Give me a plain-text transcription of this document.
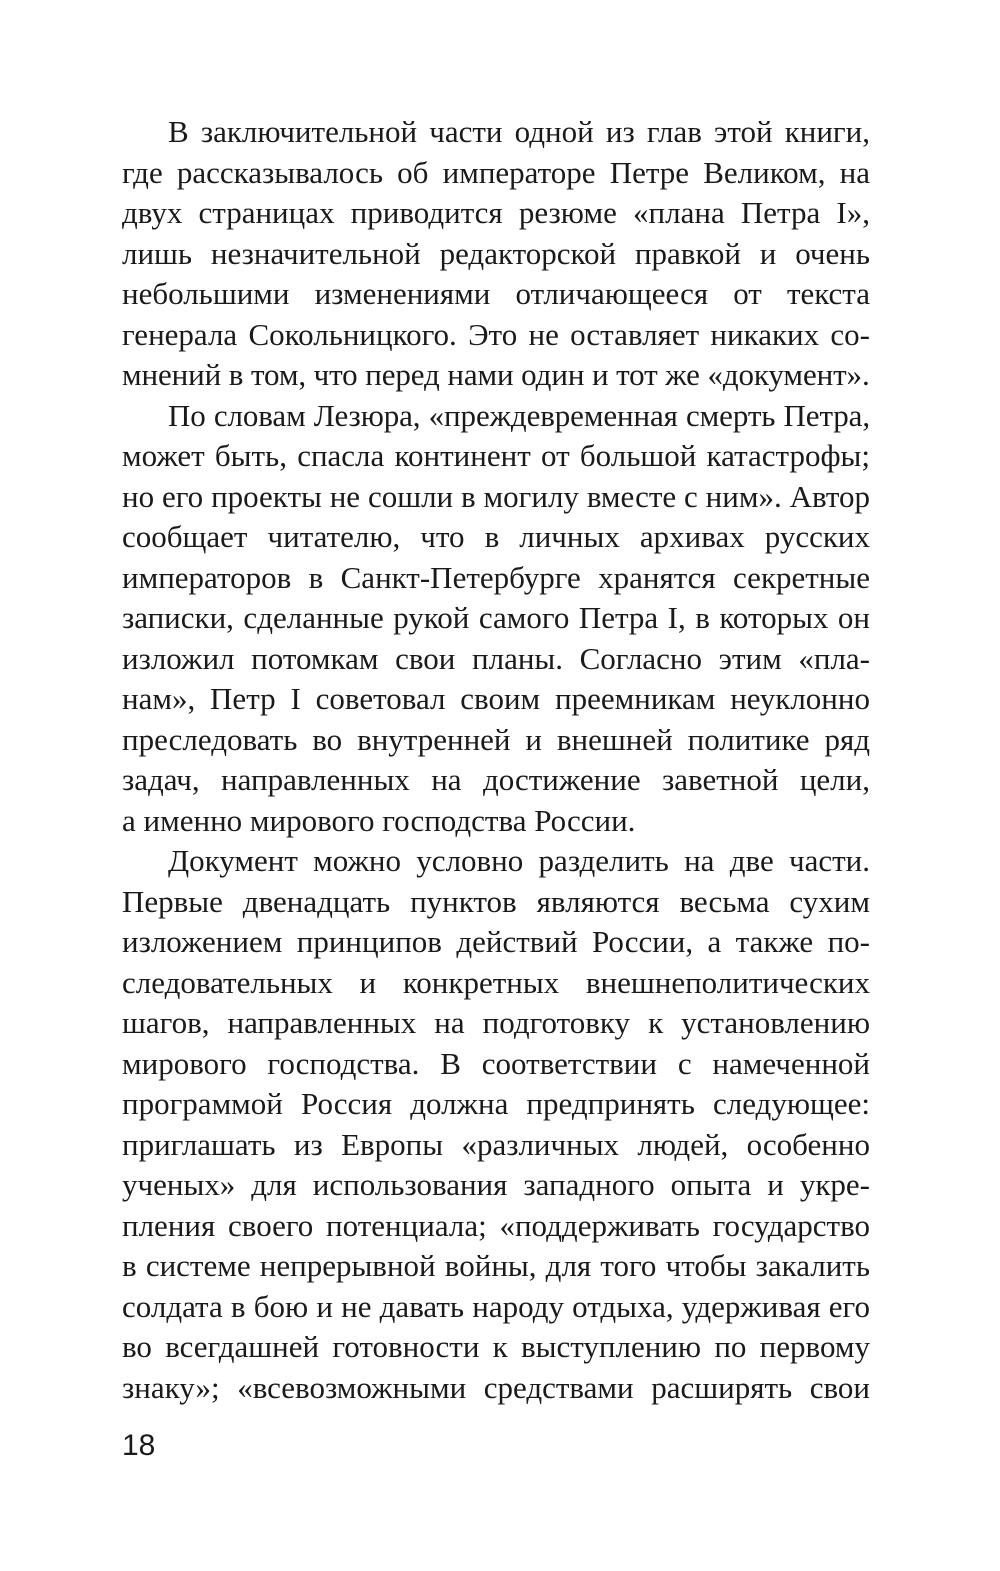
В заключительной части одной из глав этой книги,
где рассказывалось об императоре Петре Великом, на
двух страницах приводится резюме «плана Петра I»,
лишь незначительной редакторской правкой и очень
небольшими изменениями отличающееся от текста
генерала Сокольницкого. Это не оставляет никаких со-
мнений в том, что перед нами один и тот же «документ».
По словам Лезюра, «преждевременная смерть Петра,
может быть, спасла континент от большой катастрофы;
но его проекты не сошли в могилу вместе с ним». Автор
сообщает читателю, что в личных архивах русских
императоров в Санкт-Петербурге хранятся секретные
записки, сделанные рукой самого Петра I, в которых он
изложил потомкам свои планы. Согласно этим «пла-
нам», Петр I советовал своим преемникам неуклонно
преследовать во внутренней и внешней политике ряд
задач, направленных на достижение заветной цели,
а именно мирового господства России.
Документ можно условно разделить на две части.
Первые двенадцать пунктов являются весьма сухим
изложением принципов действий России, а также по-
следовательных и конкретных внешнеполитических
шагов, направленных на подготовку к установлению
мирового господства. В соответствии с намеченной
программой Россия должна предпринять следующее:
приглашать из Европы «различных людей, особенно
ученых» для использования западного опыта и укре-
пления своего потенциала; «поддерживать государство
в системе непрерывной войны, для того чтобы закалить
солдата в бою и не давать народу отдыха, удерживая его
во всегдашней готовности к выступлению по первому
знаку»; «всевозможными средствами расширять свои
18
